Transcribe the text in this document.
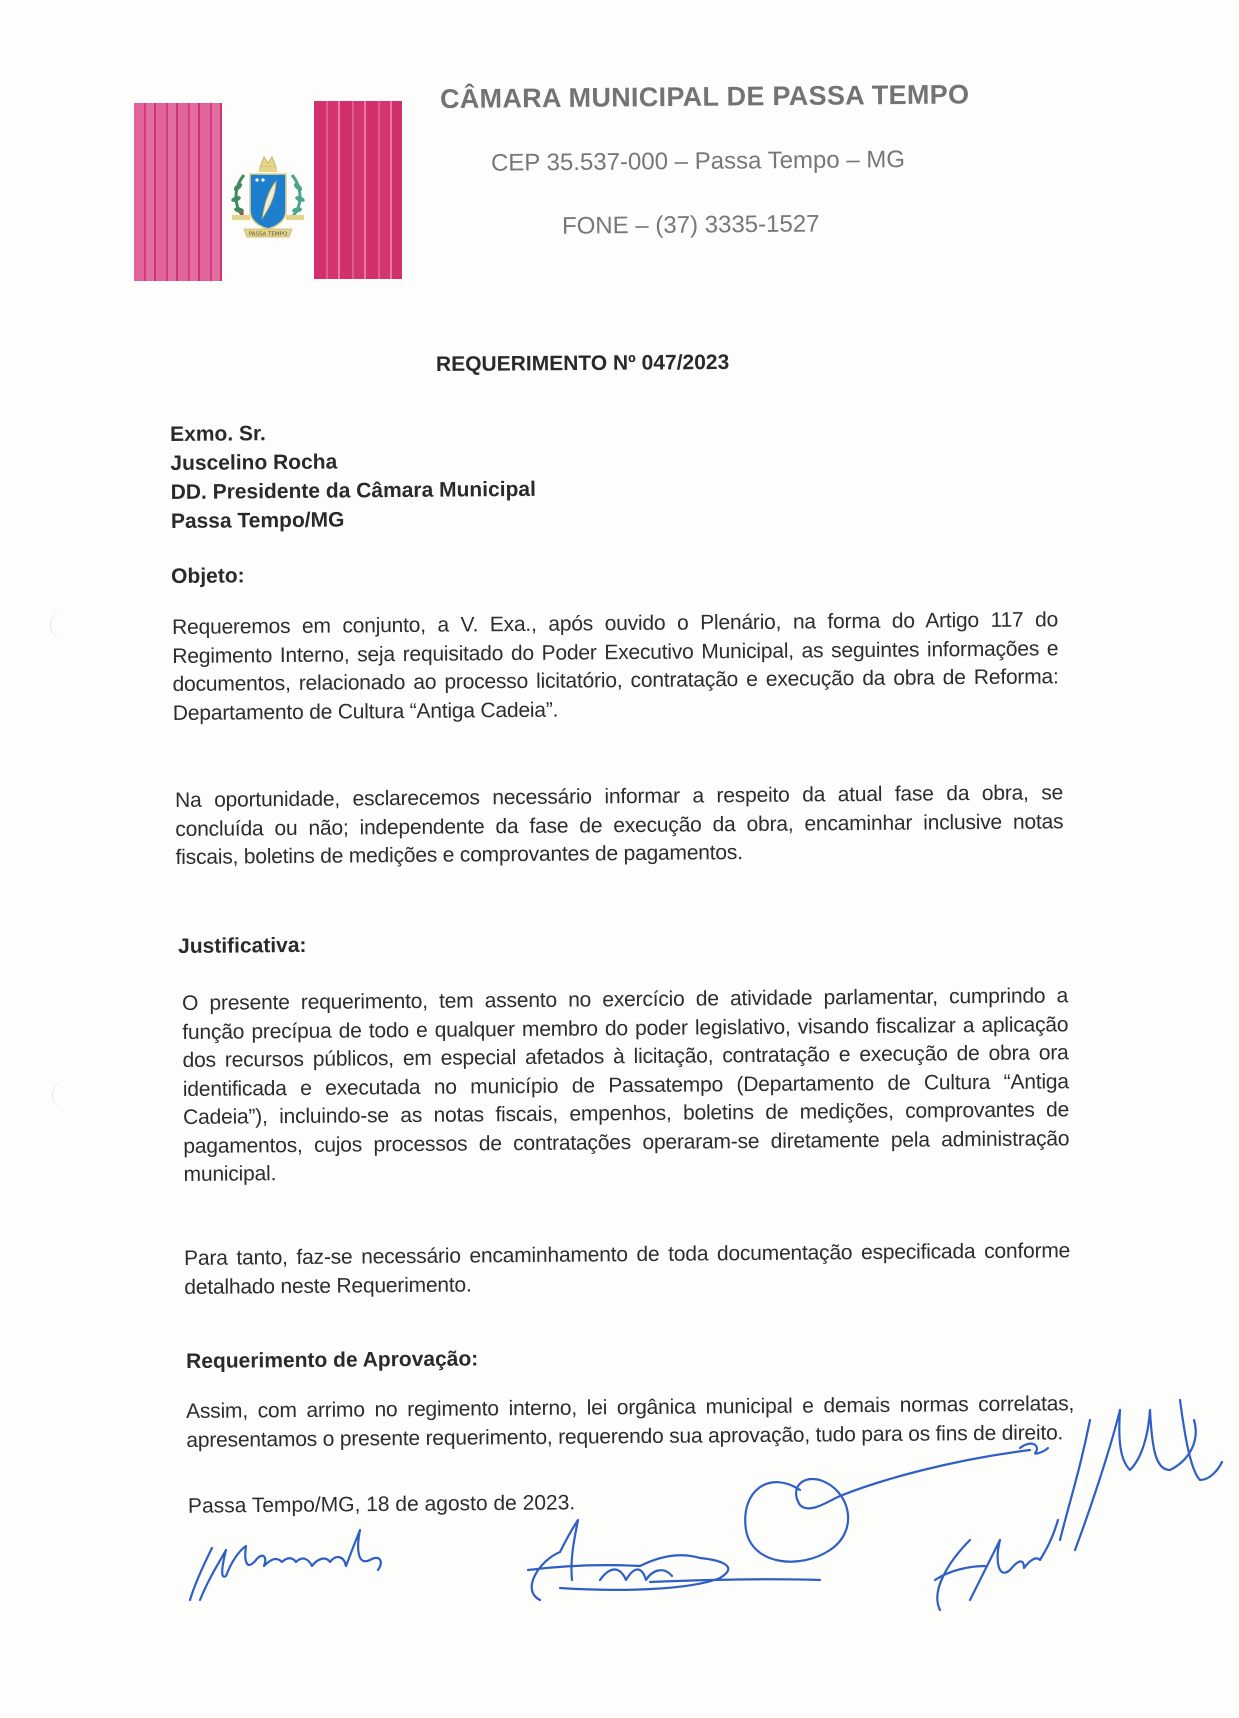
PASSA TEMPO
CÂMARA MUNICIPAL DE PASSA TEMPO
CEP 35.537-000 – Passa Tempo – MG
FONE – (37) 3335-1527
REQUERIMENTO Nº 047/2023
Exmo. Sr.
Juscelino Rocha
DD. Presidente da Câmara Municipal
Passa Tempo/MG
Objeto:

Requeremos em conjunto, a V. Exa., após ouvido o Plenário, na forma do Artigo 117 do Regimento Interno, seja requisitado do Poder Executivo Municipal, as seguintes informações e documentos, relacionado ao processo licitatório, contratação e execução da obra de Reforma: Departamento de Cultura “Antiga Cadeia”.

Na oportunidade, esclarecemos necessário informar a respeito da atual fase da obra, se concluída ou não; independente da fase de execução da obra, encaminhar inclusive notas fiscais, boletins de medições e comprovantes de pagamentos.

Justificativa:

O presente requerimento, tem assento no exercício de atividade parlamentar, cumprindo a função precípua de todo e qualquer membro do poder legislativo, visando fiscalizar a aplicação dos recursos públicos, em especial afetados à licitação, contratação e execução de obra ora identificada e executada no município de Passatempo (Departamento de Cultura “Antiga Cadeia”), incluindo-se as notas fiscais, empenhos, boletins de medições, comprovantes de pagamentos, cujos processos de contratações operaram-se diretamente pela administração municipal.

Para tanto, faz-se necessário encaminhamento de toda documentação especificada conforme detalhado neste Requerimento.

Requerimento de Aprovação:

Assim, com arrimo no regimento interno, lei orgânica municipal e demais normas correlatas, apresentamos o presente requerimento, requerendo sua aprovação, tudo para os fins de direito.

Passa Tempo/MG, 18 de agosto de 2023.
